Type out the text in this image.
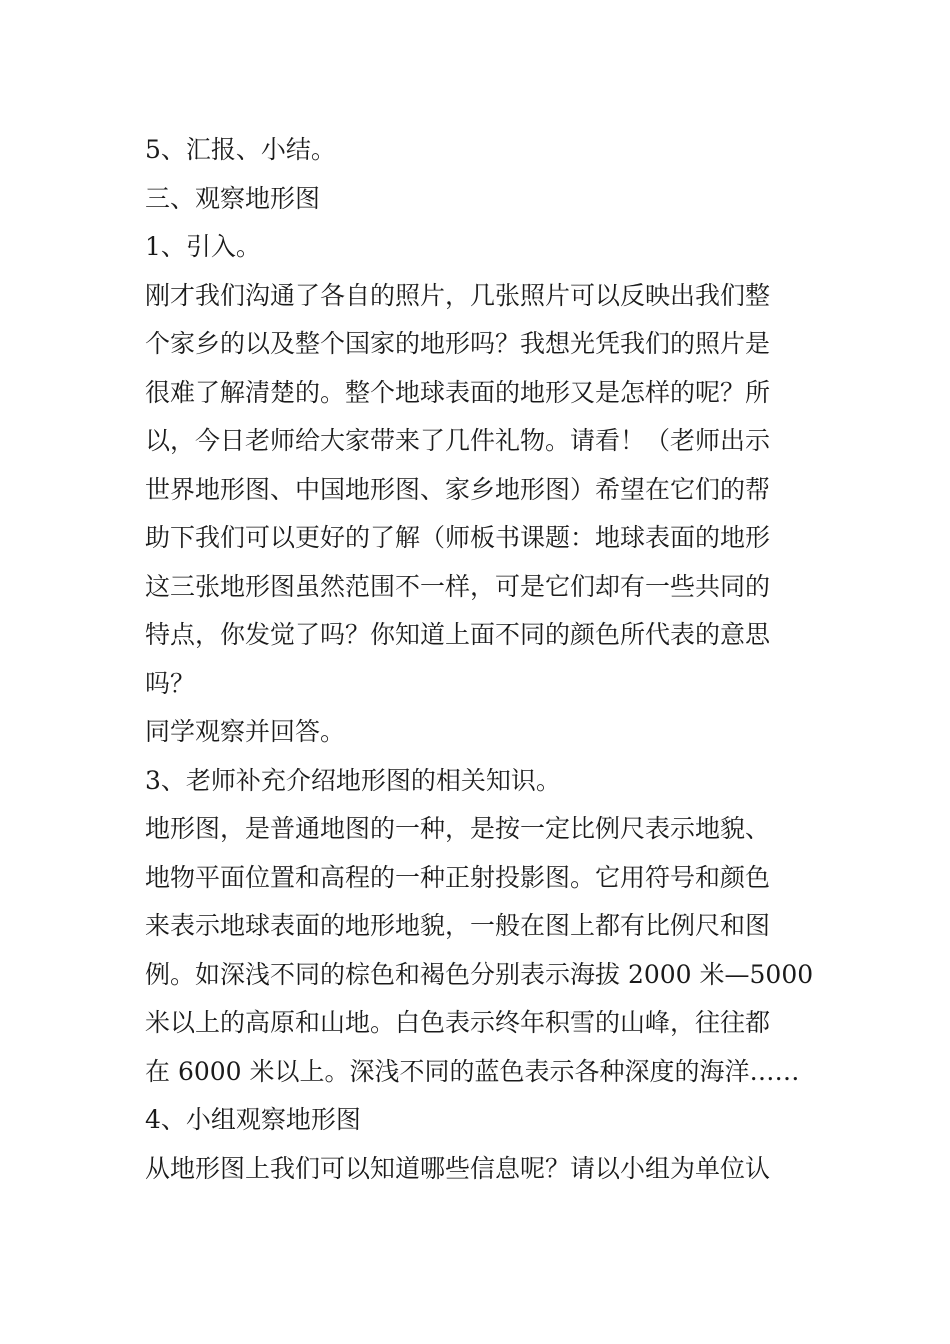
5、汇报、小结。

三、观察地形图

1、引入。

刚才我们沟通了各自的照片，几张照片可以反映出我们整

个家乡的以及整个国家的地形吗？我想光凭我们的照片是

很难了解清楚的。整个地球表面的地形又是怎样的呢？所

以，今日老师给大家带来了几件礼物。请看！（老师出示

世界地形图、中国地形图、家乡地形图）希望在它们的帮

助下我们可以更好的了解（师板书课题：地球表面的地形

这三张地形图虽然范围不一样，可是它们却有一些共同的

特点，你发觉了吗？你知道上面不同的颜色所代表的意思

吗？

同学观察并回答。

3、老师补充介绍地形图的相关知识。

地形图，是普通地图的一种，是按一定比例尺表示地貌、

地物平面位置和高程的一种正射投影图。它用符号和颜色

来表示地球表面的地形地貌，一般在图上都有比例尺和图

例。如深浅不同的棕色和褐色分别表示海拔 2000 米—5000

米以上的高原和山地。白色表示终年积雪的山峰，往往都

在 6000 米以上。深浅不同的蓝色表示各种深度的海洋……

4、小组观察地形图

从地形图上我们可以知道哪些信息呢？请以小组为单位认
